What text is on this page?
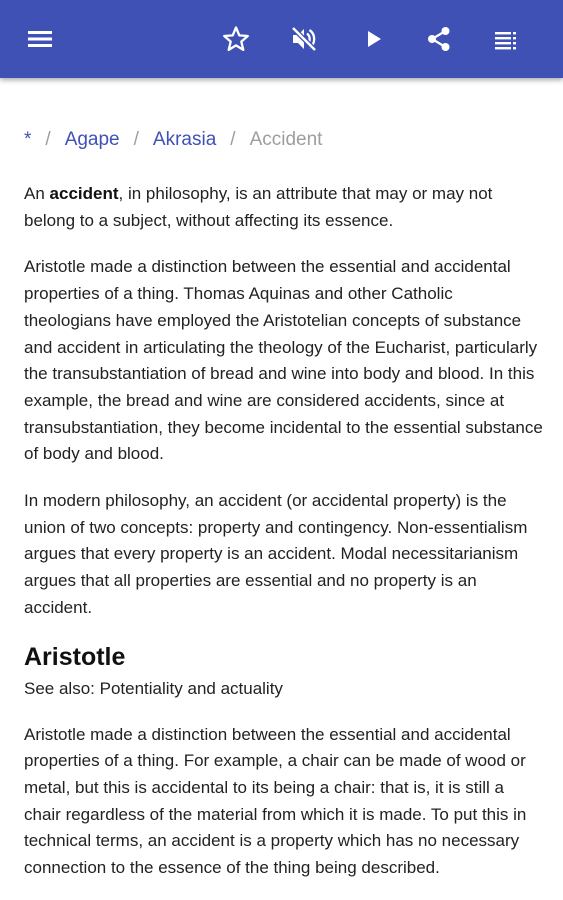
* / Agape / Akrasia / Accident

An accident, in philosophy, is an attribute that may or may not belong to a subject, without affecting its essence.

Aristotle made a distinction between the essential and accidental properties of a thing. Thomas Aquinas and other Catholic theologians have employed the Aristotelian concepts of substance and accident in articulating the theology of the Eucharist, particularly the transubstantiation of bread and wine into body and blood. In this example, the bread and wine are considered accidents, since at transubstantiation, they become incidental to the essential substance of body and blood.

In modern philosophy, an accident (or accidental property) is the union of two concepts: property and contingency. Non-essentialism argues that every property is an accident. Modal necessitarianism argues that all properties are essential and no property is an accident.

Aristotle

See also: Potentiality and actuality

Aristotle made a distinction between the essential and accidental properties of a thing. For example, a chair can be made of wood or metal, but this is accidental to its being a chair: that is, it is still a chair regardless of the material from which it is made. To put this in technical terms, an accident is a property which has no necessary connection to the essence of the thing being described.
